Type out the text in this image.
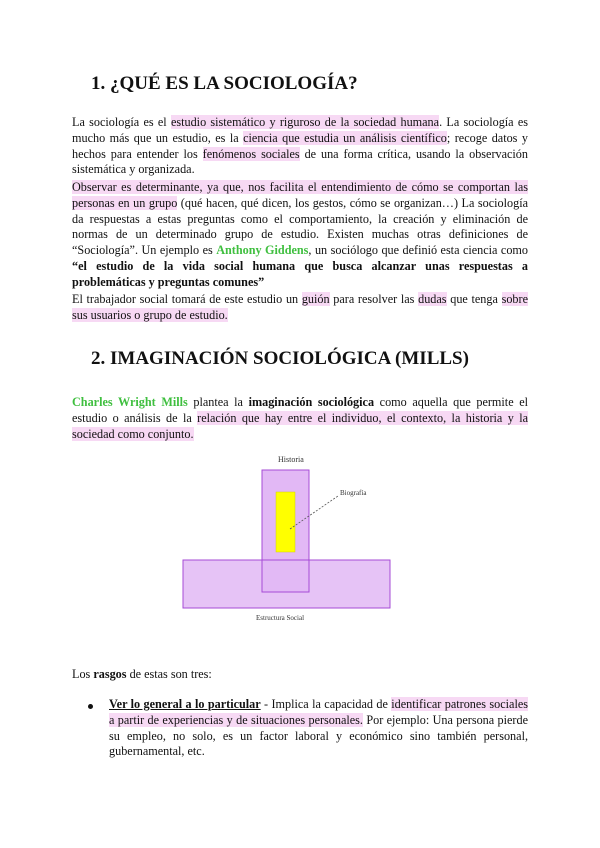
1. ¿QUÉ ES LA SOCIOLOGÍA?

La sociología es el estudio sistemático y riguroso de la sociedad humana. La sociología es mucho más que un estudio, es la ciencia que estudia un análisis científico; recoge datos y hechos para entender los fenómenos sociales de una forma crítica, usando la observación sistemática y organizada.

Observar es determinante, ya que, nos facilita el entendimiento de cómo se comportan las personas en un grupo (qué hacen, qué dicen, los gestos, cómo se organizan…) La sociología da respuestas a estas preguntas como el comportamiento, la creación y eliminación de normas de un determinado grupo de estudio. Existen muchas otras definiciones de “Sociología”. Un ejemplo es Anthony Giddens, un sociólogo que definió esta ciencia como “el estudio de la vida social humana que busca alcanzar unas respuestas a problemáticas y preguntas comunes”

El trabajador social tomará de este estudio un guión para resolver las dudas que tenga sobre sus usuarios o grupo de estudio.

2. IMAGINACIÓN SOCIOLÓGICA (MILLS)

Charles Wright Mills plantea la imaginación sociológica como aquella que permite el estudio o análisis de la relación que hay entre el individuo, el contexto, la historia y la sociedad como conjunto.

Historia
Biografía
Estructura Social

Los rasgos de estas son tres:

Ver lo general a lo particular - Implica la capacidad de identificar patrones sociales a partir de experiencias y de situaciones personales. Por ejemplo: Una persona pierde su empleo, no solo, es un factor laboral y económico sino también personal, gubernamental, etc.
